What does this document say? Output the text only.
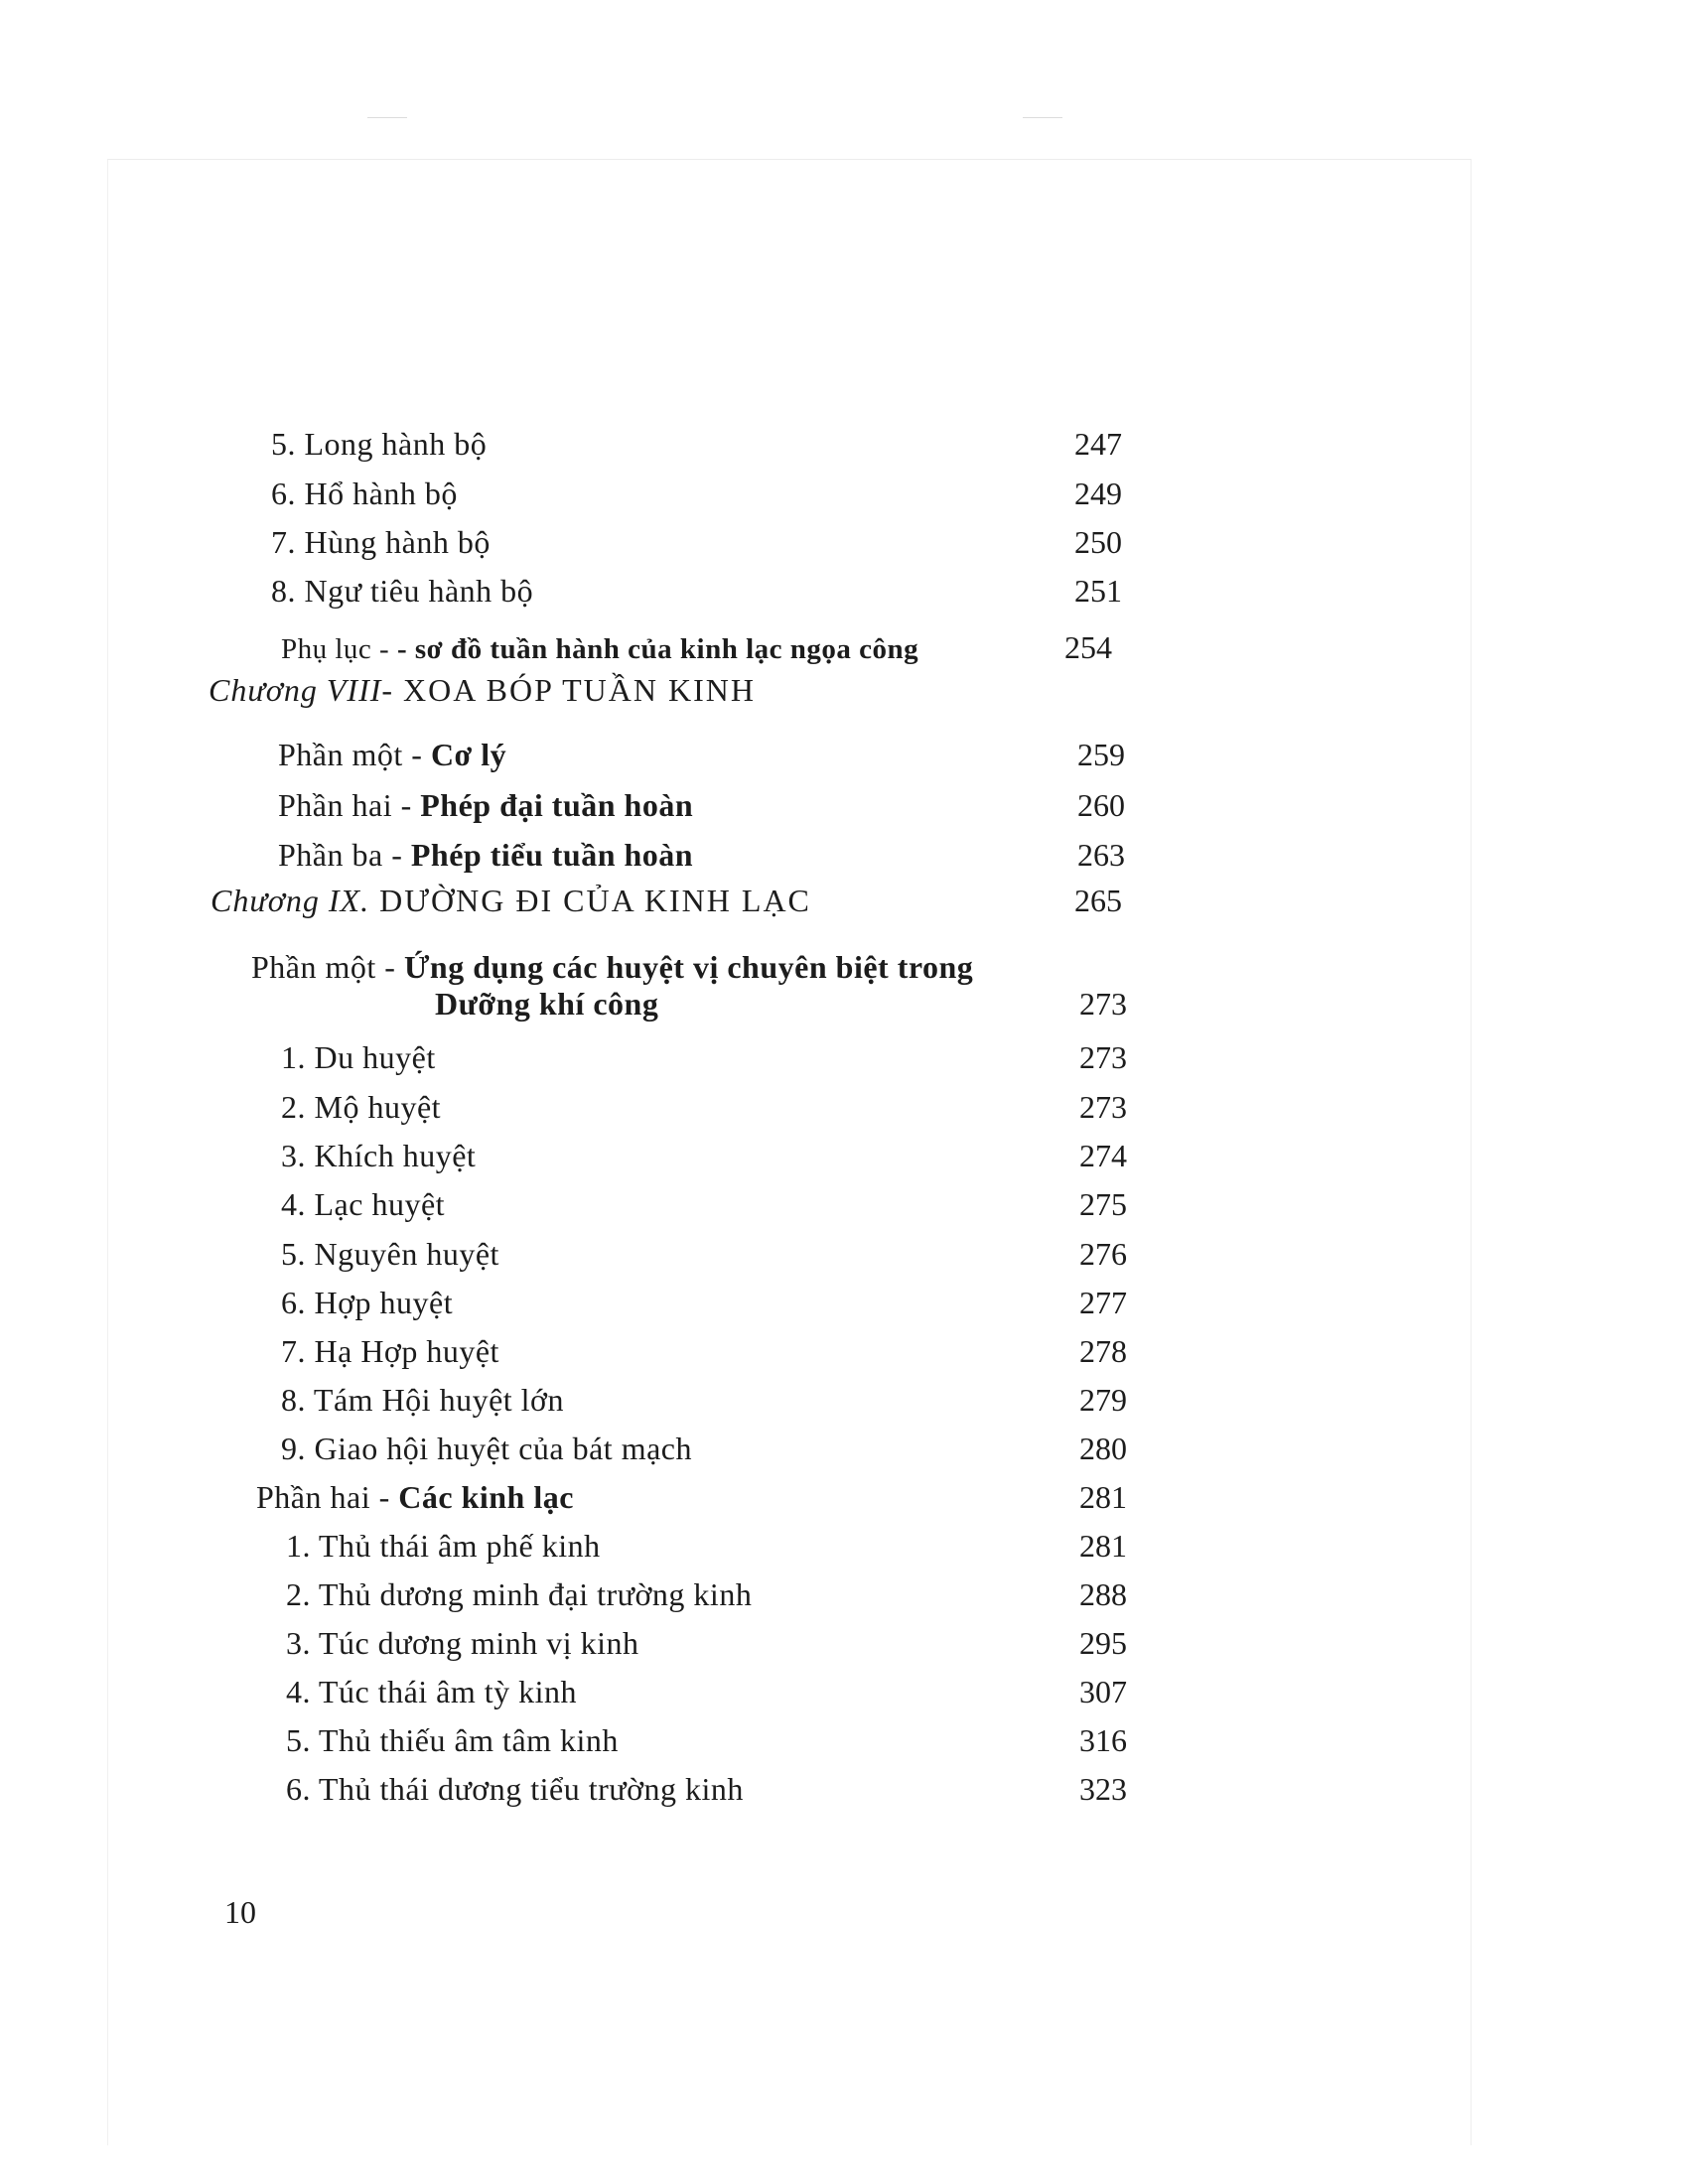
5. Long hành bộ	247
6. Hổ hành bộ	249
7. Hùng hành bộ	250
8. Ngư tiêu hành bộ	251
Phụ lục - - sơ đồ tuần hành của kinh lạc ngọa công	254
Chương VIII- XOA BÓP TUẦN KINH
Phần một - Cơ lý	259
Phần hai - Phép đại tuần hoàn	260
Phần ba - Phép tiểu tuần hoàn	263
Chương IX. DƯỜNG ĐI CỦA KINH LẠC	265
Phần một - Ứng dụng các huyệt vị chuyên biệt trong
Dưỡng khí công	273
1. Du huyệt	273
2. Mộ huyệt	273
3. Khích huyệt	274
4. Lạc huyệt	275
5. Nguyên huyệt	276
6. Hợp huyệt	277
7. Hạ Hợp huyệt	278
8. Tám Hội huyệt lớn	279
9. Giao hội huyệt của bát mạch	280
Phần hai - Các kinh lạc	281
1. Thủ thái âm phế kinh	281
2. Thủ dương minh đại trường kinh	288
3. Túc dương minh vị kinh	295
4. Túc thái âm tỳ kinh	307
5. Thủ thiếu âm tâm kinh	316
6. Thủ thái dương tiểu trường kinh	323
10
